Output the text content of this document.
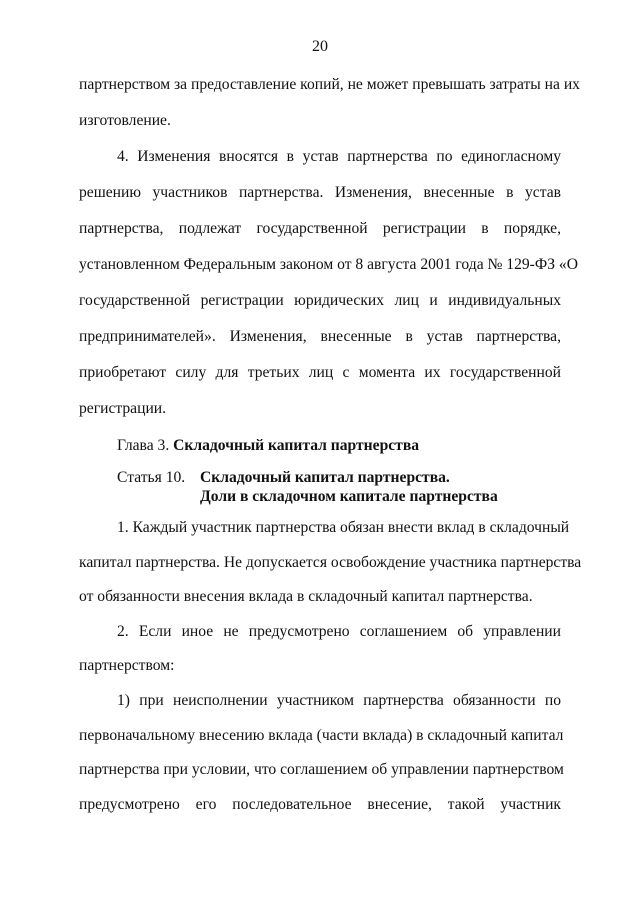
20
партнерством за предоставление копий, не может превышать затраты на их
изготовление.
4. Изменения вносятся в устав партнерства по единогласному
решению участников партнерства. Изменения, внесенные в устав
партнерства, подлежат государственной регистрации в порядке,
установленном Федеральным законом от 8 августа 2001 года № 129-ФЗ «О
государственной регистрации юридических лиц и индивидуальных
предпринимателей». Изменения, внесенные в устав партнерства,
приобретают силу для третьих лиц с момента их государственной
регистрации.
Глава 3. Складочный капитал партнерства
Статья 10. Складочный капитал партнерства.
Доли в складочном капитале партнерства
1. Каждый участник партнерства обязан внести вклад в складочный
капитал партнерства. Не допускается освобождение участника партнерства
от обязанности внесения вклада в складочный капитал партнерства.
2. Если иное не предусмотрено соглашением об управлении
партнерством:
1) при неисполнении участником партнерства обязанности по
первоначальному внесению вклада (части вклада) в складочный капитал
партнерства при условии, что соглашением об управлении партнерством
предусмотрено его последовательное внесение, такой участник
